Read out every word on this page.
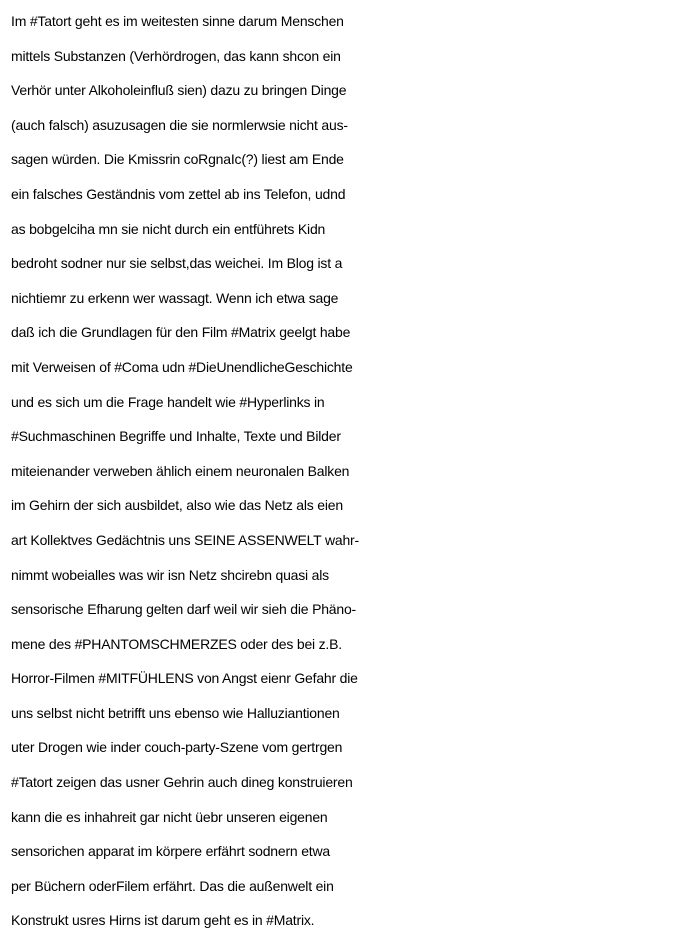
Im #Tatort geht es im weitesten sinne darum Menschen
mittels Substanzen (Verhördrogen, das kann shcon ein
Verhör unter Alkoholeinfluß sien) dazu zu bringen Dinge
(auch falsch) asuzusagen die sie normlerwsie nicht aus-
sagen würden. Die Kmissrin coRgnaIc(?) liest am Ende
ein falsches Geständnis vom zettel ab ins Telefon, udnd
as bobgelciha mn sie nicht durch ein entführets Kidn
bedroht sodner nur sie selbst,das weichei. Im Blog ist a
nichtiemr zu erkenn wer wassagt. Wenn ich etwa sage
daß ich die Grundlagen für den Film #Matrix geelgt habe
mit Verweisen of #Coma udn #DieUnendlicheGeschichte
und es sich um die Frage handelt wie #Hyperlinks in
#Suchmaschinen Begriffe und Inhalte, Texte und Bilder
miteienander verweben ählich einem neuronalen Balken
im Gehirn der sich ausbildet, also wie das Netz als eien
art Kollektves Gedächtnis uns SEINE ASSENWELT wahr-
nimmt wobeialles was wir isn Netz shcirebn quasi als
sensorische Efharung gelten darf weil wir sieh die Phäno-
mene des #PHANTOMSCHMERZES oder des bei z.B.
Horror-Filmen #MITFÜHLENS von Angst eienr Gefahr die
uns selbst nicht betrifft uns ebenso wie Halluziantionen
uter Drogen wie inder couch-party-Szene vom gertrgen
#Tatort zeigen das usner Gehrin auch dineg konstruieren
kann die es inhahreit gar nicht üebr unseren eigenen
sensorichen apparat im körpere erfährt sodnern etwa
per Büchern oderFilem erfährt. Das die außenwelt ein
Konstrukt usres Hirns ist darum geht es in #Matrix.
